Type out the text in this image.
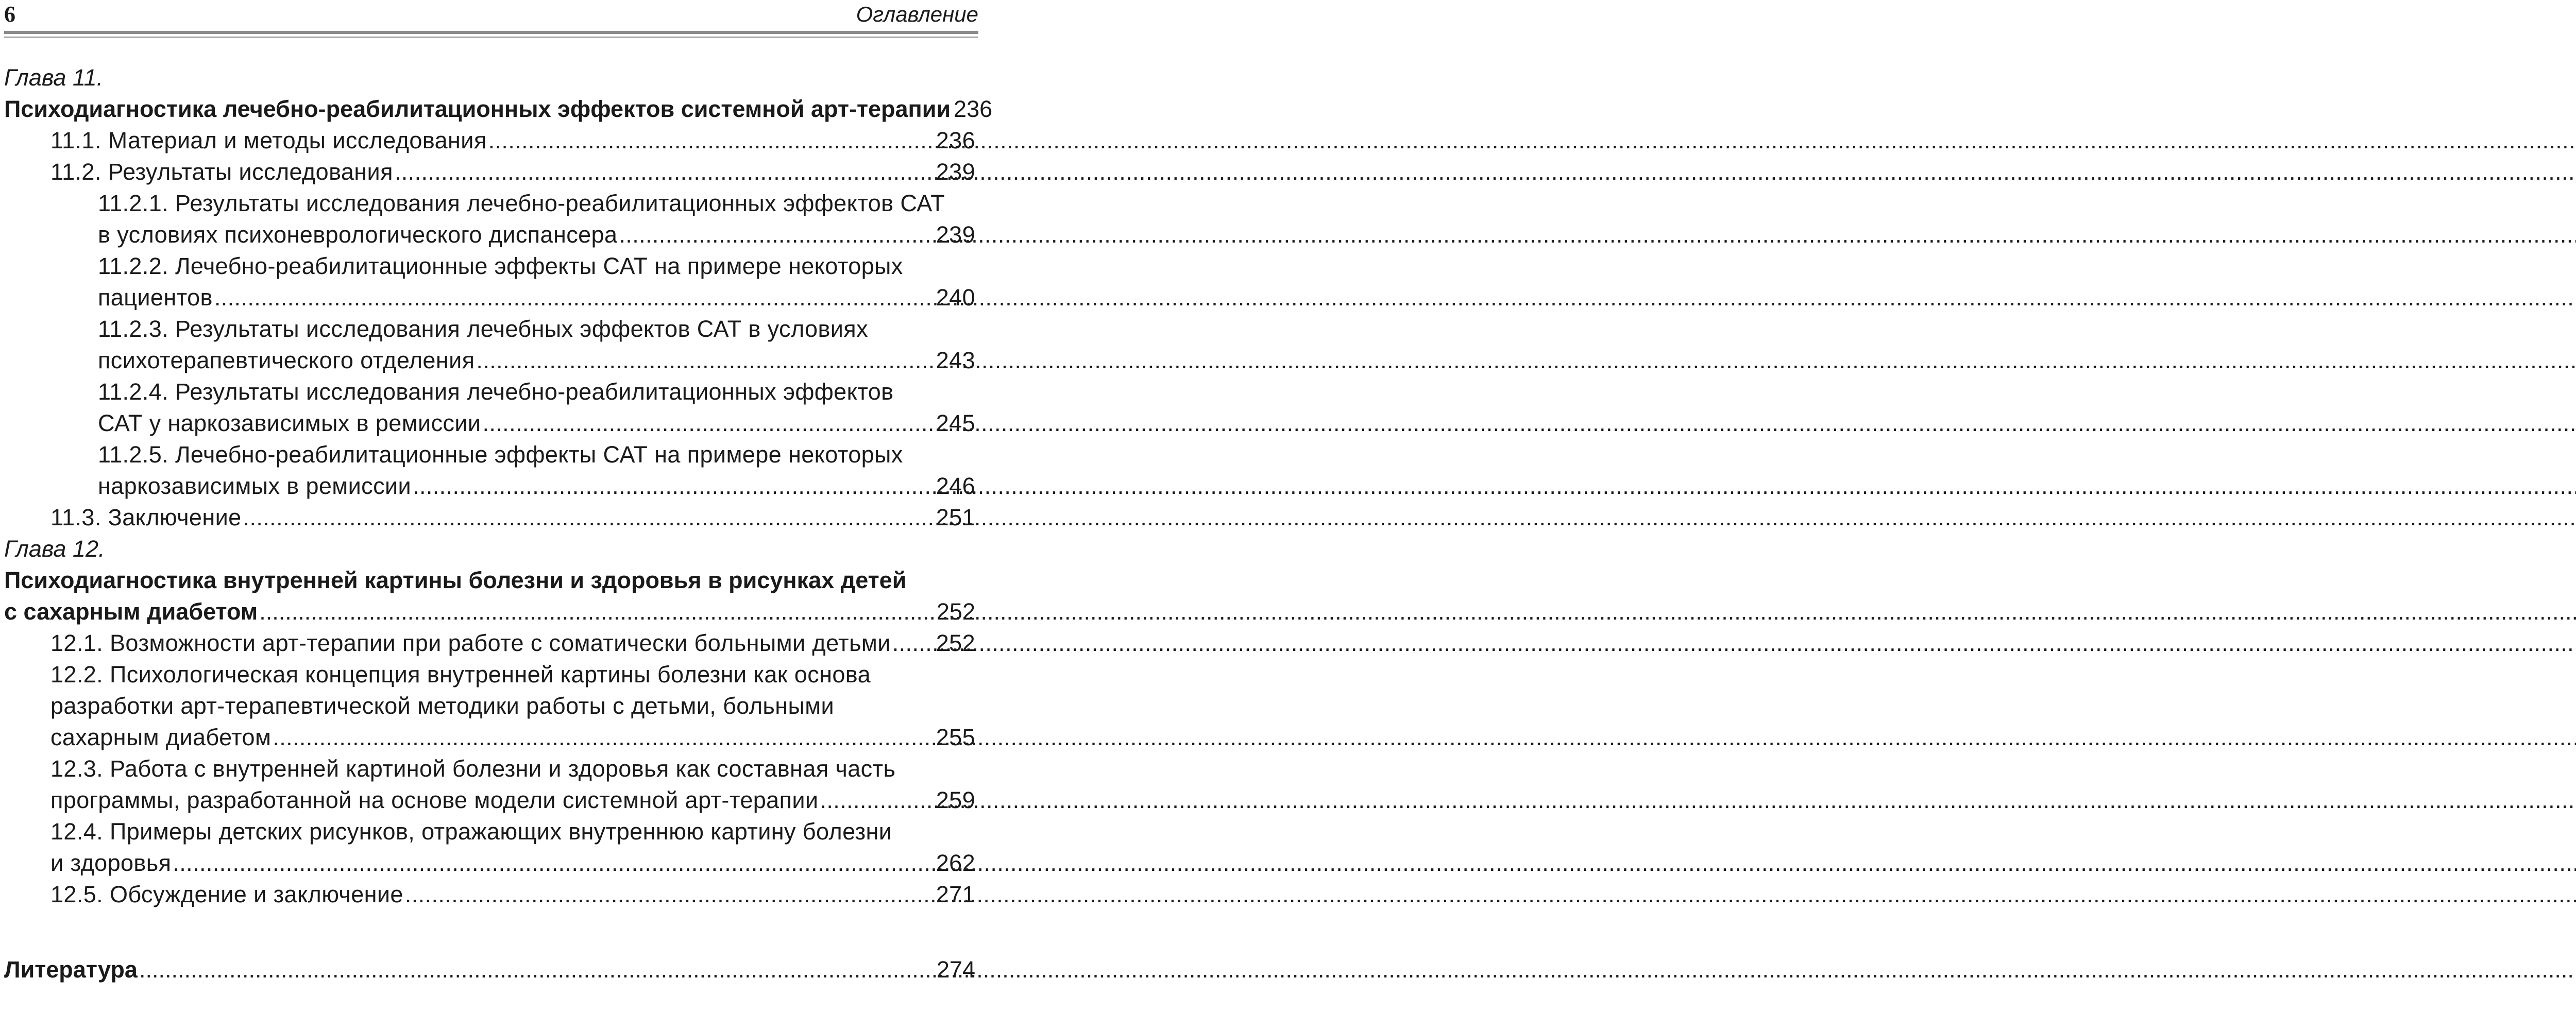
6	Оглавление
Глава 11.
Психодиагностика лечебно-реабилитационных эффектов системной арт-терапии 236
11.1. Материал и методы исследования .....	236
11.2. Результаты исследования .....	239
11.2.1. Результаты исследования лечебно-реабилитационных эффектов САТ
в условиях психоневрологического диспансера .....	239
11.2.2. Лечебно-реабилитационные эффекты САТ на примере некоторых
пациентов .....	240
11.2.3. Результаты исследования лечебных эффектов САТ в условиях
психотерапевтического отделения .....	243
11.2.4. Результаты исследования лечебно-реабилитационных эффектов
САТ у наркозависимых в ремиссии .....	245
11.2.5. Лечебно-реабилитационные эффекты САТ на примере некоторых
наркозависимых в ремиссии .....	246
11.3. Заключение .....	251
Глава 12.
Психодиагностика внутренней картины болезни и здоровья в рисунках детей
с сахарным диабетом .....	252
12.1. Возможности арт-терапии при работе с соматически больными детьми ..... 252
12.2. Психологическая концепция внутренней картины болезни как основа
разработки арт-терапевтической методики работы с детьми, больными
сахарным диабетом .....	255
12.3. Работа с внутренней картиной болезни и здоровья как составная часть
программы, разработанной на основе модели системной арт-терапии .....	259
12.4. Примеры детских рисунков, отражающих внутреннюю картину болезни
и здоровья .....	262
12.5. Обсуждение и заключение .....	271
Литература .....	274
